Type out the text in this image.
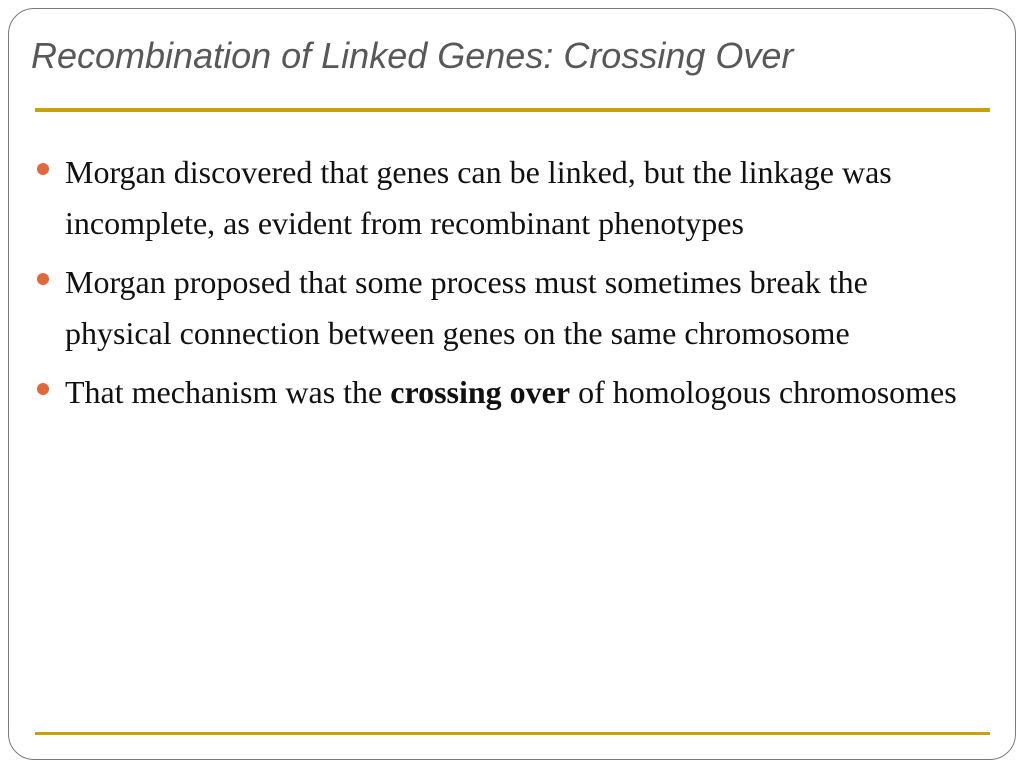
Recombination of Linked Genes: Crossing Over
Morgan discovered that genes can be linked, but the linkage was incomplete, as evident from recombinant phenotypes
Morgan proposed that some process must sometimes break the physical connection between genes on the same chromosome
That mechanism was the crossing over of homologous chromosomes
